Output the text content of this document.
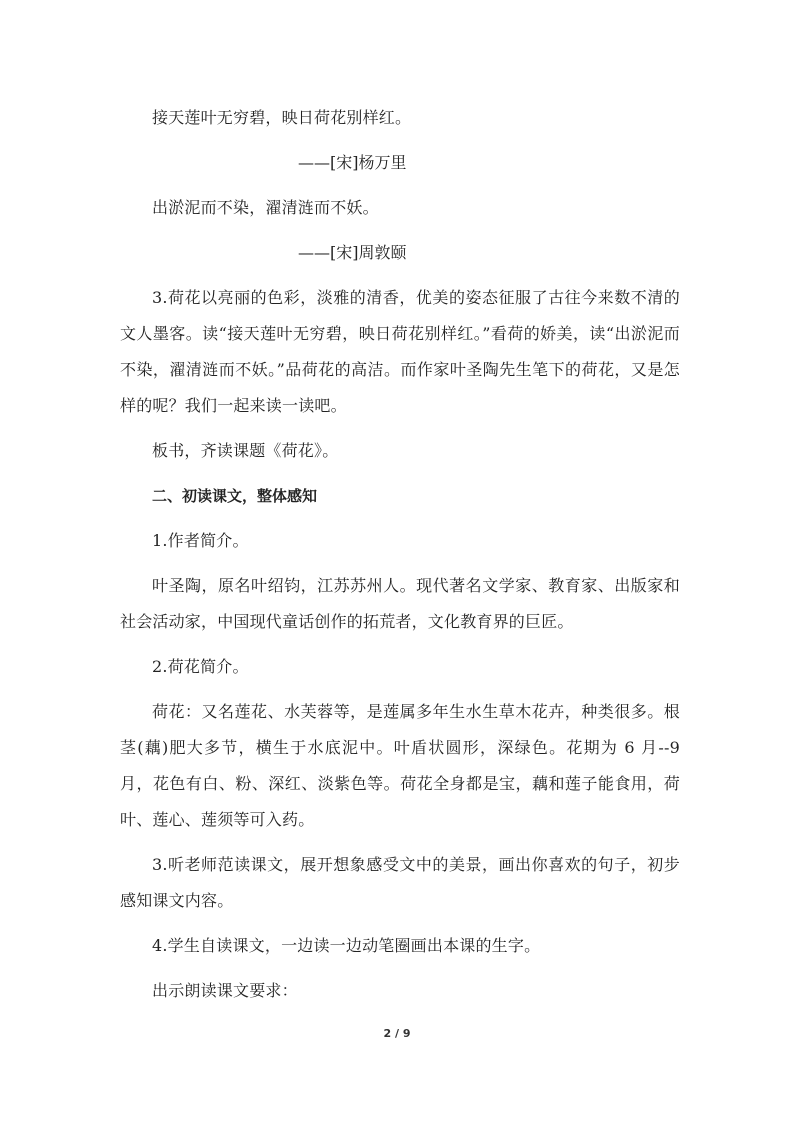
接天莲叶无穷碧，映日荷花别样红。

——[宋]杨万里

出淤泥而不染，濯清涟而不妖。

——[宋]周敦颐

3.荷花以亮丽的色彩，淡雅的清香，优美的姿态征服了古往今来数不清的文人墨客。读“接天莲叶无穷碧，映日荷花别样红。”看荷的娇美，读“出淤泥而不染，濯清涟而不妖。”品荷花的高洁。而作家叶圣陶先生笔下的荷花，又是怎样的呢？我们一起来读一读吧。

板书，齐读课题《荷花》。

二、初读课文，整体感知

1.作者简介。

叶圣陶，原名叶绍钧，江苏苏州人。现代著名文学家、教育家、出版家和社会活动家，中国现代童话创作的拓荒者，文化教育界的巨匠。

2.荷花简介。

荷花：又名莲花、水芙蓉等，是莲属多年生水生草木花卉，种类很多。根茎(藕)肥大多节，横生于水底泥中。叶盾状圆形，深绿色。花期为 6 月--9 月，花色有白、粉、深红、淡紫色等。荷花全身都是宝，藕和莲子能食用，荷叶、莲心、莲须等可入药。

3.听老师范读课文，展开想象感受文中的美景，画出你喜欢的句子，初步感知课文内容。

4.学生自读课文，一边读一边动笔圈画出本课的生字。

出示朗读课文要求：

2 / 9
